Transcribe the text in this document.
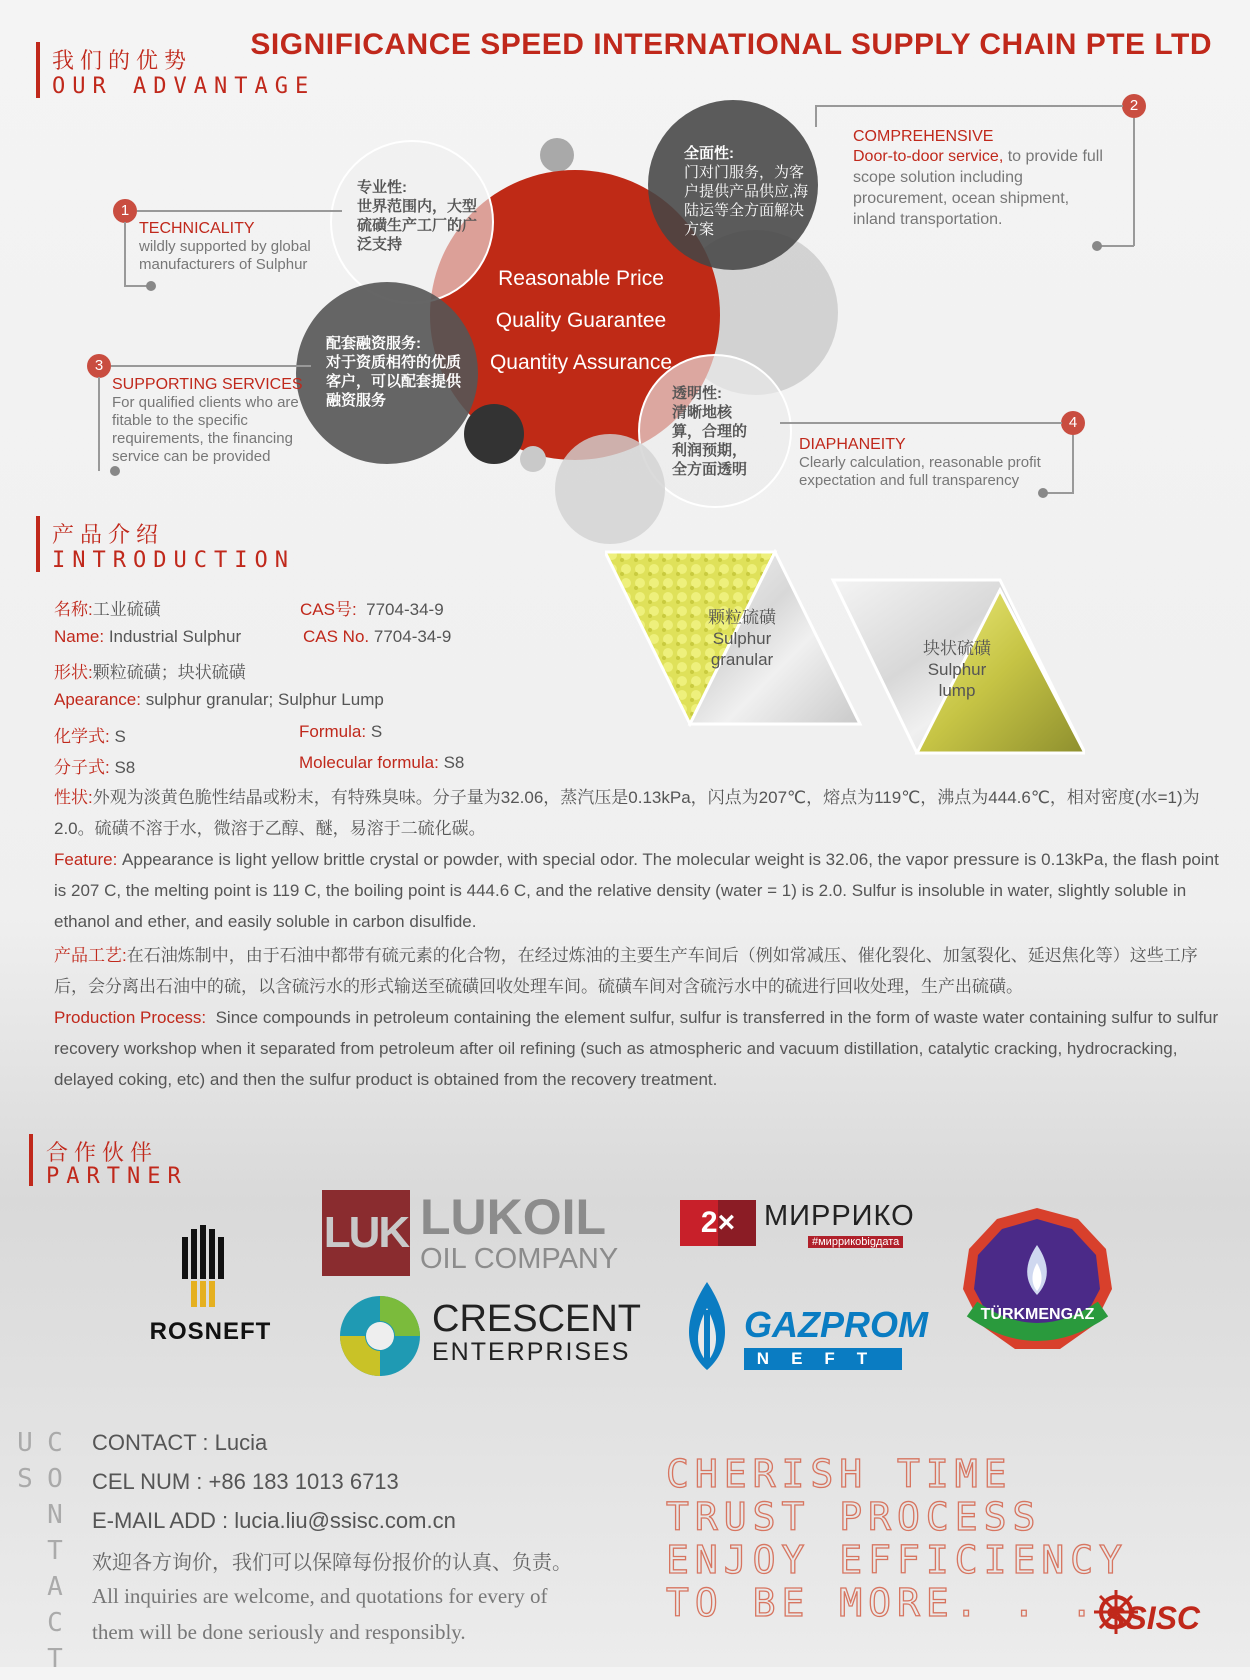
我们的优势
OUR ADVANTAGE
SIGNIFICANCE SPEED INTERNATIONAL SUPPLY CHAIN PTE LTD
Reasonable Price
Quality Guarantee
Quantity Assurance
专业性:
世界范围内，大型硫磺生产工厂的广泛支持
全面性:
门对门服务，为客户提供产品供应,海陆运等全方面解决方案
配套融资服务:
对于资质相符的优质客户，可以配套提供融资服务	透明性:
清晰地核算，合理的利润预期，全方面透明
1
TECHNICALITY
wildly supported by global manufacturers of Sulphur
2
COMPREHENSIVE
Door-to-door service, to provide full scope solution including procurement, ocean shipment, inland transportation.
3
SUPPORTING SERVICES
For qualified clients who are fitable to the specific requirements, the financing service can be provided
4
DIAPHANEITY
Clearly calculation, reasonable profit expectation and full transparency
产品介绍
INTRODUCTION
名称:工业硫磺	CAS号: 7704-34-9
Name: Industrial Sulphur	CAS No. 7704-34-9
形状:颗粒硫磺；块状硫磺
Apearance: sulphur granular; Sulphur Lump
化学式: S	Formula: S
分子式: S8	Molecular formula: S8
颗粒硫磺
Sulphur
granular
块状硫磺
Sulphur
lump
性状:外观为淡黄色脆性结晶或粉末，有特殊臭味。分子量为32.06，蒸汽压是0.13kPa，闪点为207℃，熔点为119℃，沸点为444.6℃，相对密度(水=1)为2.0。硫磺不溶于水，微溶于乙醇、醚，易溶于二硫化碳。
Feature: Appearance is light yellow brittle crystal or powder, with special odor. The molecular weight is 32.06, the vapor pressure is 0.13kPa, the flash point is 207 C, the melting point is 119 C, the boiling point is 444.6 C, and the relative density (water = 1) is 2.0. Sulfur is insoluble in water, slightly soluble in ethanol and ether, and easily soluble in carbon disulfide.
产品工艺:在石油炼制中，由于石油中都带有硫元素的化合物，在经过炼油的主要生产车间后（例如常减压、催化裂化、加氢裂化、延迟焦化等）这些工序后，会分离出石油中的硫，以含硫污水的形式输送至硫磺回收处理车间。硫磺车间对含硫污水中的硫进行回收处理，生产出硫磺。
Production Process: Since compounds in petroleum containing the element sulfur, sulfur is transferred in the form of waste water containing sulfur to sulfur recovery workshop when it separated from petroleum after oil refining (such as atmospheric and vacuum distillation, catalytic cracking, hydrocracking, delayed coking, etc) and then the sulfur product is obtained from the recovery treatment.
合作伙伴
PARTNER
ROSNEFT
LUK LUKOIL
OIL COMPANY
2× МИРРИКО
#миррикоbigдата
TÜRKMENGAZ
CRESCENT
ENTERPRISES
GAZPROM
NEFT
CONTACT US	CONTACT : Lucia
CEL NUM : +86 183 1013 6713
E-MAIL ADD : lucia.liu@ssisc.com.cn
欢迎各方询价，我们可以保障每份报价的认真、负责。
All inquiries are welcome, and quotations for every of
them will be done seriously and responsibly.
CHERISH TIME
TRUST PROCESS
ENJOY EFFICIENCY
TO BE MORE. . . SSISC
